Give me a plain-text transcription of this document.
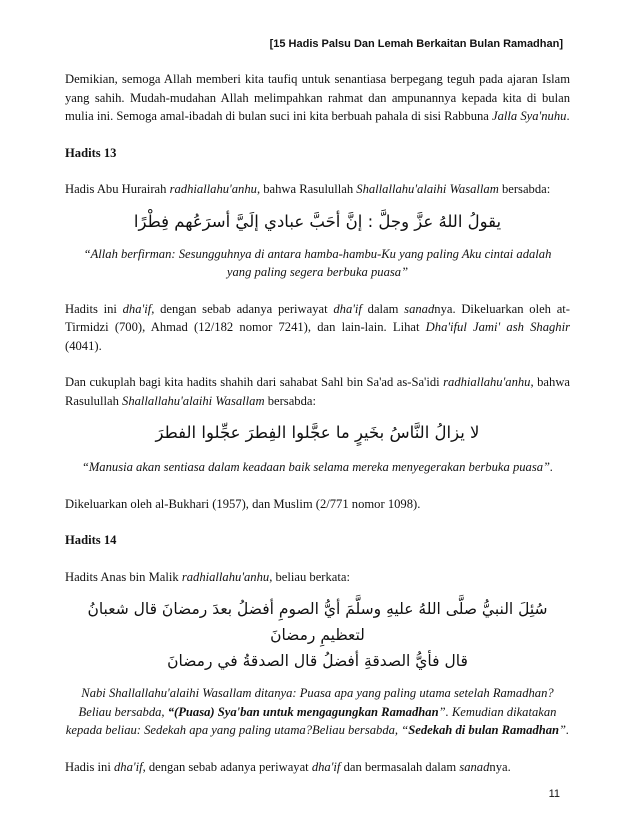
[15 Hadis Palsu Dan Lemah Berkaitan Bulan Ramadhan]

Demikian, semoga Allah memberi kita taufiq untuk senantiasa berpegang teguh pada ajaran Islam yang sahih. Mudah-mudahan Allah melimpahkan rahmat dan ampunannya kepada kita di bulan mulia ini. Semoga amal-ibadah di bulan suci ini kita berbuah pahala di sisi Rabbuna Jalla Sya'nuhu.

Hadits 13

Hadis Abu Hurairah radhiallahu'anhu, bahwa Rasulullah Shallallahu'alaihi Wasallam bersabda:

يقولُ اللهُ عزَّ وجلَّ : إنَّ أحَبَّ عبادي إلَيَّ أسرَعُهم فِطْرًا

“Allah berfirman: Sesungguhnya di antara hamba-hambu-Ku yang paling Aku cintai adalah yang paling segera berbuka puasa”

Hadits ini dha'if, dengan sebab adanya periwayat dha'if dalam sanadnya. Dikeluarkan oleh at-Tirmidzi (700), Ahmad (12/182 nomor 7241), dan lain-lain. Lihat Dha'iful Jami' ash Shaghir (4041).

Dan cukuplah bagi kita hadits shahih dari sahabat Sahl bin Sa'ad as-Sa'idi radhiallahu'anhu, bahwa Rasulullah Shallallahu'alaihi Wasallam bersabda:

لا يزالُ النَّاسُ بخَيرٍ ما عجَّلوا الفِطرَ عجِّلوا الفطرَ

“Manusia akan sentiasa dalam keadaan baik selama mereka menyegerakan berbuka puasa”.

Dikeluarkan oleh al-Bukhari (1957), dan Muslim (2/771 nomor 1098).

Hadits 14

Hadits Anas bin Malik radhiallahu'anhu, beliau berkata:

سُئِلَ النبيُّ صلَّى اللهُ عليهِ وسلَّمَ أيُّ الصومِ أفضلُ بعدَ رمضانَ قال شعبانُ لتعظيمِ رمضانَ

قال فأيُّ الصدقةِ أفضلُ قال الصدقةُ في رمضانَ

Nabi Shallallahu'alaihi Wasallam ditanya: Puasa apa yang paling utama setelah Ramadhan? Beliau bersabda, “(Puasa) Sya'ban untuk mengagungkan Ramadhan”. Kemudian dikatakan kepada beliau: Sedekah apa yang paling utama?Beliau bersabda, “Sedekah di bulan Ramadhan”.

Hadis ini dha'if, dengan sebab adanya periwayat dha'if dan bermasalah dalam sanadnya.

11
